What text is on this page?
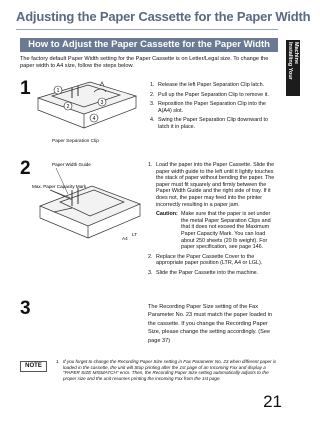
Adjusting the Paper Cassette for the Paper Width
Installing Your Machine
How to Adjust the Paper Cassette for the Paper Width
The factory default Paper Width setting for the Paper Cassette is on Letter/Legal size. To change the paper width to A4 size, follow the steps below.
1	1
2
3
4
Paper Separation Clip
1. Release the left Paper Separation Clip latch.
2. Pull up the Paper Separation Clip to remove it.
3. Reposition the Paper Separation Clip into the A(A4) slot.
4. Swing the Paper Separation Clip downward to latch it in place.
2	Paper Width Guide
Max. Paper Capacity Mark
A4
LT
1. Load the paper into the Paper Cassette. Slide the paper width guide to the left until it lightly touches the stack of paper without bending the paper. The paper must fit squarely and firmly between the Paper Width Guide and the right side of tray. If it does not, the paper may feed into the printer incorrectly resulting in a paper jam.
Caution: Make sure that the paper is set under the metal Paper Separation Clips and that it does not exceed the Maximum Paper Capacity Mark. You can load about 250 sheets (20 lb weight). For paper specification, see page 146.
2. Replace the Paper Cassette Cover to the appropriate paper position (LTR, A4 or LGL).
3. Slide the Paper Cassette into the machine.
3	The Recording Paper Size setting of the Fax Parameter No. 23 must match the paper loaded in the cassette. If you change the Recording Paper Size, please change the setting accordingly. (See page 37)
NOTE
1. If you forget to change the Recording Paper Size setting in Fax Parameter No. 23 when different paper is loaded in the cassette, the unit will Stop printing after the 1st page of an Incoming Fax and display a "PAPER SIZE MISMATCH" error. Then, the Recording Paper Size setting automatically adjusts to the proper size and the unit resumes printing the incoming Fax from the 1st page.
21
